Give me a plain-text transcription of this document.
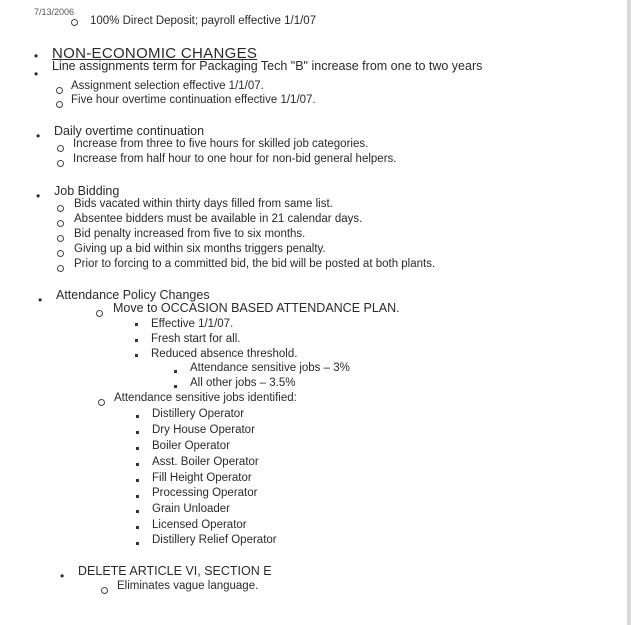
7/13/2006
100% Direct Deposit; payroll effective 1/1/07
• NON-ECONOMIC CHANGES
•
Line assignments term for Packaging Tech "B" increase from one to two years
Assignment selection effective 1/1/07.
Five hour overtime continuation effective 1/1/07.
• Daily overtime continuation
Increase from three to five hours for skilled job categories.
Increase from half hour to one hour for non-bid general helpers.
• Job Bidding
Bids vacated within thirty days filled from same list.
Absentee bidders must be available in 21 calendar days.
Bid penalty increased from five to six months.
Giving up a bid within six months triggers penalty.
Prior to forcing to a committed bid, the bid will be posted at both plants.
• Attendance Policy Changes
Move to OCCASION BASED ATTENDANCE PLAN.
Effective 1/1/07.
Fresh start for all.
Reduced absence threshold.
Attendance sensitive jobs – 3%
All other jobs – 3.5%
Attendance sensitive jobs identified:
Distillery Operator
Dry House Operator
Boiler Operator
Asst. Boiler Operator
Fill Height Operator
Processing Operator
Grain Unloader
Licensed Operator
Distillery Relief Operator
• DELETE ARTICLE VI, SECTION E
Eliminates vague language.
